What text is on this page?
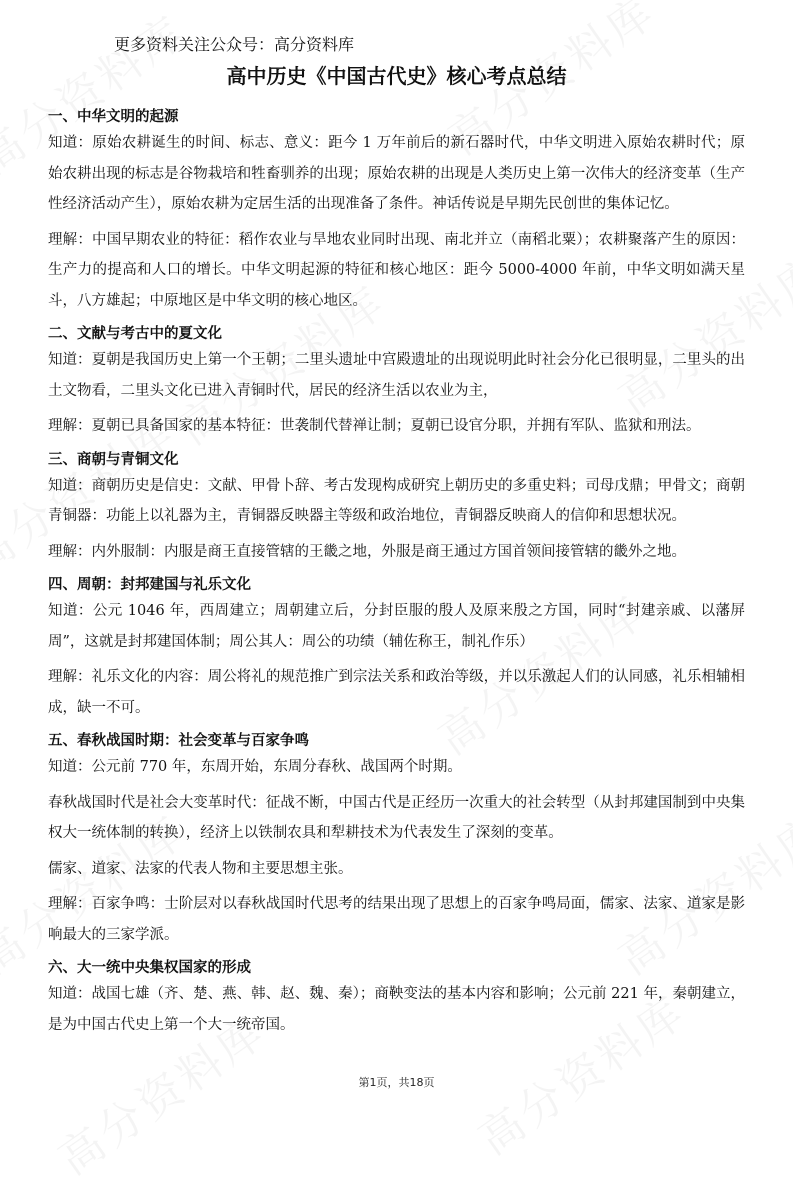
更多资料关注公众号：高分资料库
高中历史《中国古代史》核心考点总结
一、中华文明的起源

知道：原始农耕诞生的时间、标志、意义：距今 1 万年前后的新石器时代，中华文明进入原始农耕时代；原始农耕出现的标志是谷物栽培和牲畜驯养的出现；原始农耕的出现是人类历史上第一次伟大的经济变革（生产性经济活动产生），原始农耕为定居生活的出现准备了条件。神话传说是早期先民创世的集体记忆。

理解：中国早期农业的特征：稻作农业与旱地农业同时出现、南北并立（南稻北粟）；农耕聚落产生的原因：生产力的提高和人口的增长。中华文明起源的特征和核心地区：距今 5000-4000 年前，中华文明如满天星斗，八方雄起；中原地区是中华文明的核心地区。

二、文献与考古中的夏文化

知道：夏朝是我国历史上第一个王朝；二里头遗址中宫殿遗址的出现说明此时社会分化已很明显，二里头的出土文物看，二里头文化已进入青铜时代，居民的经济生活以农业为主，

理解：夏朝已具备国家的基本特征：世袭制代替禅让制；夏朝已设官分职，并拥有军队、监狱和刑法。

三、商朝与青铜文化

知道：商朝历史是信史：文献、甲骨卜辞、考古发现构成研究上朝历史的多重史料；司母戊鼎；甲骨文；商朝青铜器：功能上以礼器为主，青铜器反映器主等级和政治地位，青铜器反映商人的信仰和思想状况。

理解：内外服制：内服是商王直接管辖的王畿之地，外服是商王通过方国首领间接管辖的畿外之地。

四、周朝：封邦建国与礼乐文化

知道：公元 1046 年，西周建立；周朝建立后，分封臣服的殷人及原来殷之方国，同时“封建亲戚、以藩屏周”，这就是封邦建国体制；周公其人：周公的功绩（辅佐称王，制礼作乐）

理解：礼乐文化的内容：周公将礼的规范推广到宗法关系和政治等级，并以乐激起人们的认同感，礼乐相辅相成，缺一不可。

五、春秋战国时期：社会变革与百家争鸣

知道：公元前 770 年，东周开始，东周分春秋、战国两个时期。

春秋战国时代是社会大变革时代：征战不断，中国古代是正经历一次重大的社会转型（从封邦建国制到中央集权大一统体制的转换），经济上以铁制农具和犁耕技术为代表发生了深刻的变革。

儒家、道家、法家的代表人物和主要思想主张。

理解：百家争鸣：士阶层对以春秋战国时代思考的结果出现了思想上的百家争鸣局面，儒家、法家、道家是影响最大的三家学派。

六、大一统中央集权国家的形成

知道：战国七雄（齐、楚、燕、韩、赵、魏、秦）；商鞅变法的基本内容和影响；公元前 221 年，秦朝建立，是为中国古代史上第一个大一统帝国。

第1页，共18页
